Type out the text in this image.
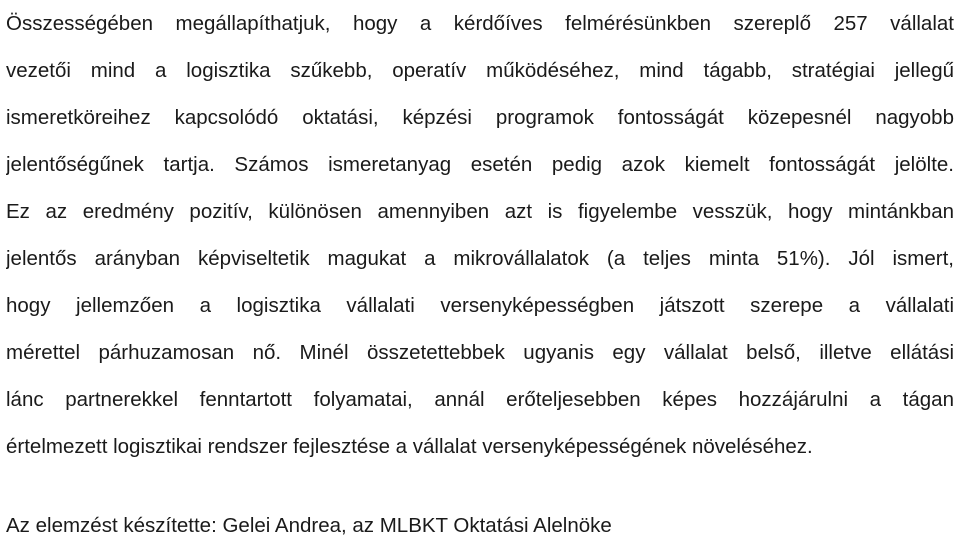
Összességében megállapíthatjuk, hogy a kérdőíves felmérésünkben szereplő 257 vállalat
vezetői mind a logisztika szűkebb, operatív működéséhez, mind tágabb, stratégiai jellegű
ismeretköreihez kapcsolódó oktatási, képzési programok fontosságát közepesnél nagyobb
jelentőségűnek tartja. Számos ismeretanyag esetén pedig azok kiemelt fontosságát jelölte.
Ez az eredmény pozitív, különösen amennyiben azt is figyelembe vesszük, hogy mintánkban
jelentős arányban képviseltetik magukat a mikrovállalatok (a teljes minta 51%). Jól ismert,
hogy jellemzően a logisztika vállalati versenyképességben játszott szerepe a vállalati
mérettel párhuzamosan nő. Minél összetettebbek ugyanis egy vállalat belső, illetve ellátási
lánc partnerekkel fenntartott folyamatai, annál erőteljesebben képes hozzájárulni a tágan
értelmezett logisztikai rendszer fejlesztése a vállalat versenyképességének növeléséhez.
Az elemzést készítette: Gelei Andrea, az MLBKT Oktatási Alelnöke
